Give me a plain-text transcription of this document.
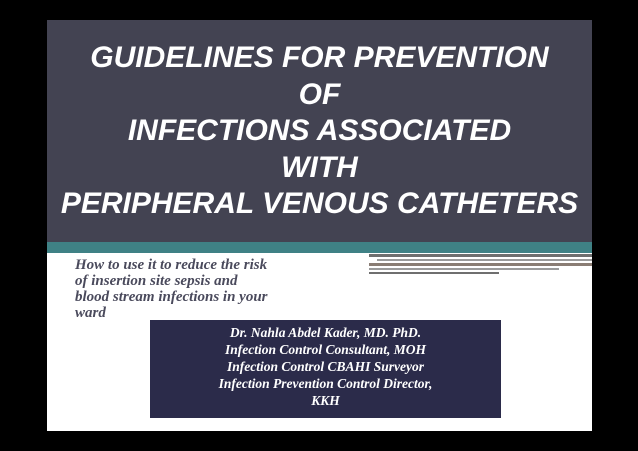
GUIDELINES FOR PREVENTION
OF
INFECTIONS ASSOCIATED
WITH
PERIPHERAL VENOUS CATHETERS
How to use it to reduce the risk
of insertion site sepsis and
blood stream infections in your
ward
Dr. Nahla Abdel Kader, MD. PhD.
Infection Control Consultant, MOH
Infection Control CBAHI Surveyor
Infection Prevention Control Director,
KKH
